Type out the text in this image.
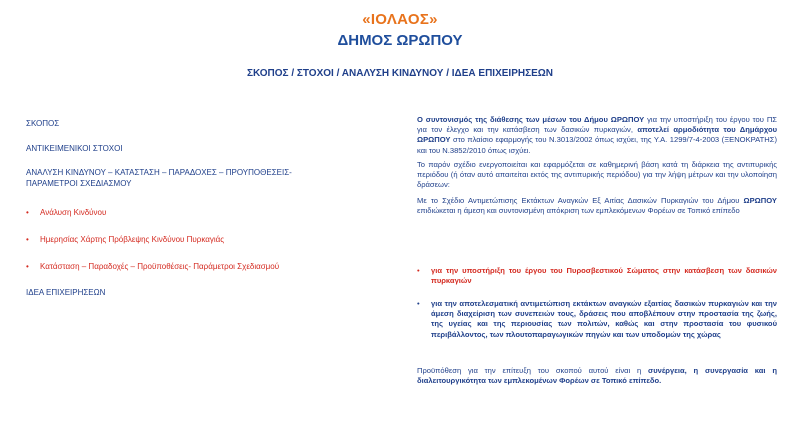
«ΙΟΛΑΟΣ»
ΔΗΜΟΣ ΩΡΩΠΟΥ
ΣΚΟΠΟΣ / ΣΤΟΧΟΙ / ΑΝΑΛΥΣΗ ΚΙΝΔΥΝΟΥ / ΙΔΕΑ ΕΠΙΧΕΙΡΗΣΕΩΝ
ΣΚΟΠΟΣ
ΑΝΤΙΚΕΙΜΕΝΙΚΟΙ ΣΤΟΧΟΙ
ΑΝΑΛΥΣΗ ΚΙΝΔΥΝΟΥ – ΚΑΤΑΣΤΑΣΗ – ΠΑΡΑΔΟΧΕΣ – ΠΡΟΥΠΟΘΕΣΕΙΣ- ΠΑΡΑΜΕΤΡΟΙ ΣΧΕΔΙΑΣΜΟΥ
• Ανάλυση Κινδύνου
• Ημερησίας Χάρτης Πρόβλεψης Κινδύνου Πυρκαγιάς
• Κατάσταση – Παραδοχές – Προϋποθέσεις- Παράμετροι Σχεδιασμού
ΙΔΕΑ ΕΠΙΧΕΙΡΗΣΕΩΝ
Ο συντονισμός της διάθεσης των μέσων του Δήμου ΩΡΩΠΟΥ για την υποστήριξη του έργου του ΠΣ για τον έλεγχο και την κατάσβεση των δασικών πυρκαγιών, αποτελεί αρμοδιότητα του Δημάρχου ΩΡΩΠΟΥ στο πλαίσιο εφαρμογής του Ν.3013/2002 όπως ισχύει, της Υ.Α. 1299/7-4-2003 (ΞΕΝΟΚΡΑΤΗΣ) και του Ν.3852/2010 όπως ισχύει.
Το παρόν σχέδιο ενεργοποιείται και εφαρμόζεται σε καθημερινή βάση κατά τη διάρκεια της αντιπυρικής περιόδου (ή όταν αυτό απαιτείται εκτός της αντιπυρικής περιόδου) για την λήψη μέτρων και την υλοποίηση δράσεων:
Με το Σχέδιο Αντιμετώπισης Εκτάκτων Αναγκών Εξ Αιτίας Δασικών Πυρκαγιών του Δήμου ΩΡΩΠΟΥ επιδιώκεται η άμεση και συντονισμένη απόκριση των εμπλεκόμενων Φορέων σε Τοπικό επίπεδο
• για την υποστήριξη του έργου του Πυροσβεστικού Σώματος στην κατάσβεση των δασικών πυρκαγιών
• για την αποτελεσματική αντιμετώπιση εκτάκτων αναγκών εξαιτίας δασικών πυρκαγιών και την άμεση διαχείριση των συνεπειών τους, δράσεις που αποβλέπουν στην προστασία της ζωής, της υγείας και της περιουσίας των πολιτών, καθώς και στην προστασία του φυσικού περιβάλλοντος, των πλουτοπαραγωγικών πηγών και των υποδομών της χώρας
Προϋπόθεση για την επίτευξη του σκοπού αυτού είναι η συνέργεια, η συνεργασία και η διαλειτουργικότητα των εμπλεκομένων Φορέων σε Τοπικό επίπεδο.
